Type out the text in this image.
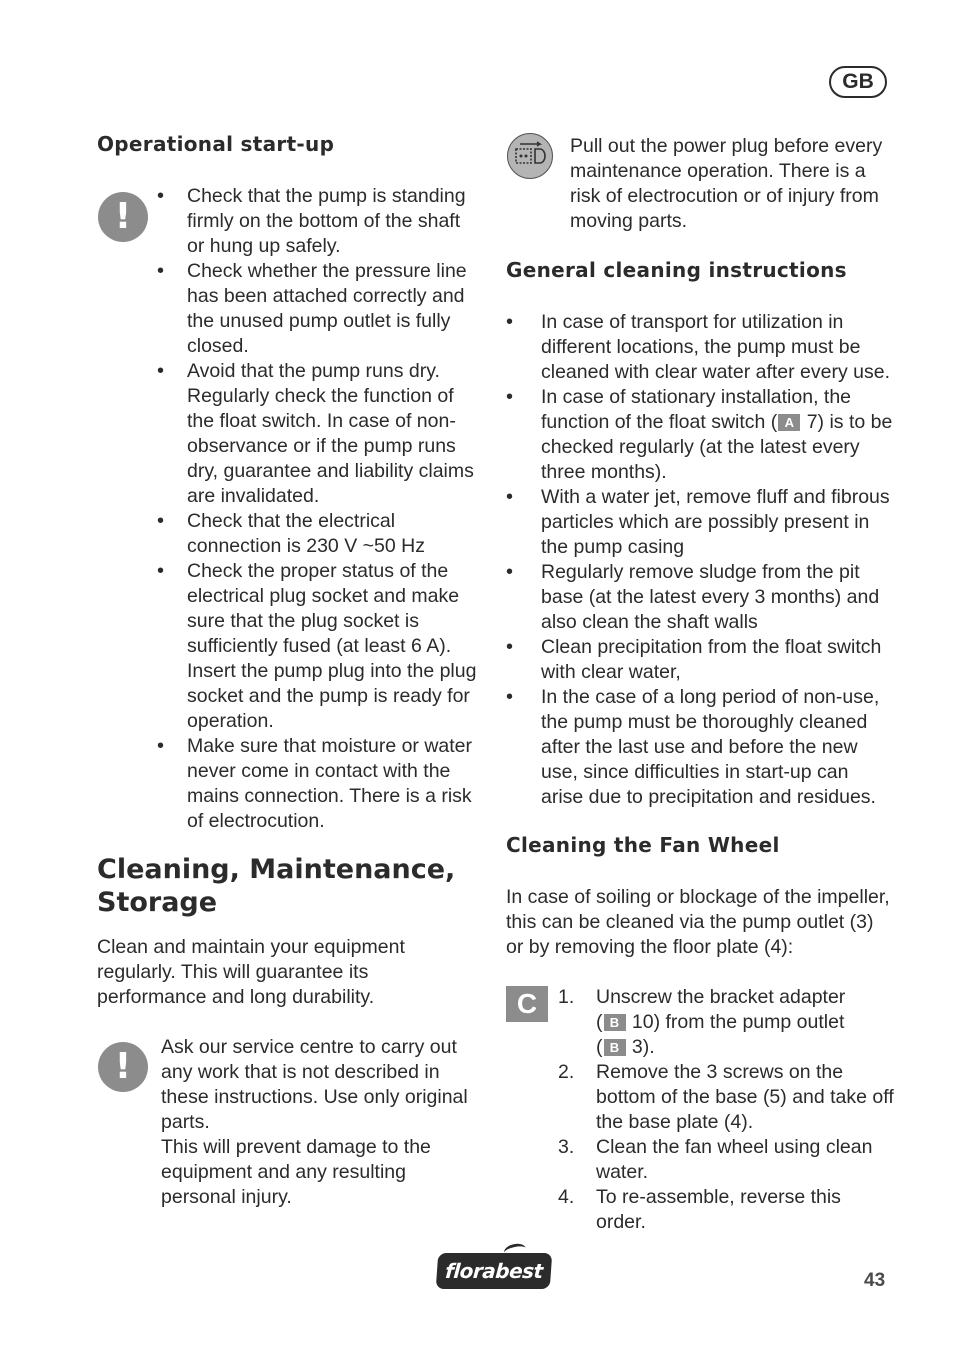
GB
Operational start-up
!	• Check that the pump is standing firmly on the bottom of the shaft or hung up safely.
• Check whether the pressure line has been attached correctly and the unused pump outlet is fully closed.
• Avoid that the pump runs dry. Regularly check the function of the float switch. In case of non-observance or if the pump runs dry, guarantee and liability claims are invalidated.
• Check that the electrical connection is 230 V ~50 Hz
• Check the proper status of the electrical plug socket and make sure that the plug socket is sufficiently fused (at least 6 A). Insert the pump plug into the plug socket and the pump is ready for operation.
• Make sure that moisture or water never come in contact with the mains connection. There is a risk of electrocution.
Cleaning, Maintenance, Storage
Clean and maintain your equipment regularly. This will guarantee its performance and long durability.
!	Ask our service centre to carry out any work that is not described in these instructions. Use only original parts.
This will prevent damage to the equipment and any resulting personal injury.
Pull out the power plug before every maintenance operation. There is a risk of electrocution or of injury from moving parts.
General cleaning instructions
• In case of transport for utilization in different locations, the pump must be cleaned with clear water after every use.
• In case of stationary installation, the function of the float switch ( A 7) is to be checked regularly (at the latest every three months).
• With a water jet, remove fluff and fibrous particles which are possibly present in the pump casing
• Regularly remove sludge from the pit base (at the latest every 3 months) and also clean the shaft walls
• Clean precipitation from the float switch with clear water,
• In the case of a long period of non-use, the pump must be thoroughly cleaned after the last use and before the new use, since difficulties in start-up can arise due to precipitation and residues.
Cleaning the Fan Wheel
In case of soiling or blockage of the impeller, this can be cleaned via the pump outlet (3) or by removing the floor plate (4):
C	1. Unscrew the bracket adapter
( B 10) from the pump outlet
( B 3).
2. Remove the 3 screws on the bottom of the base (5) and take off the base plate (4).
3. Clean the fan wheel using clean water.
4. To re-assemble, reverse this order.
florabest	43
